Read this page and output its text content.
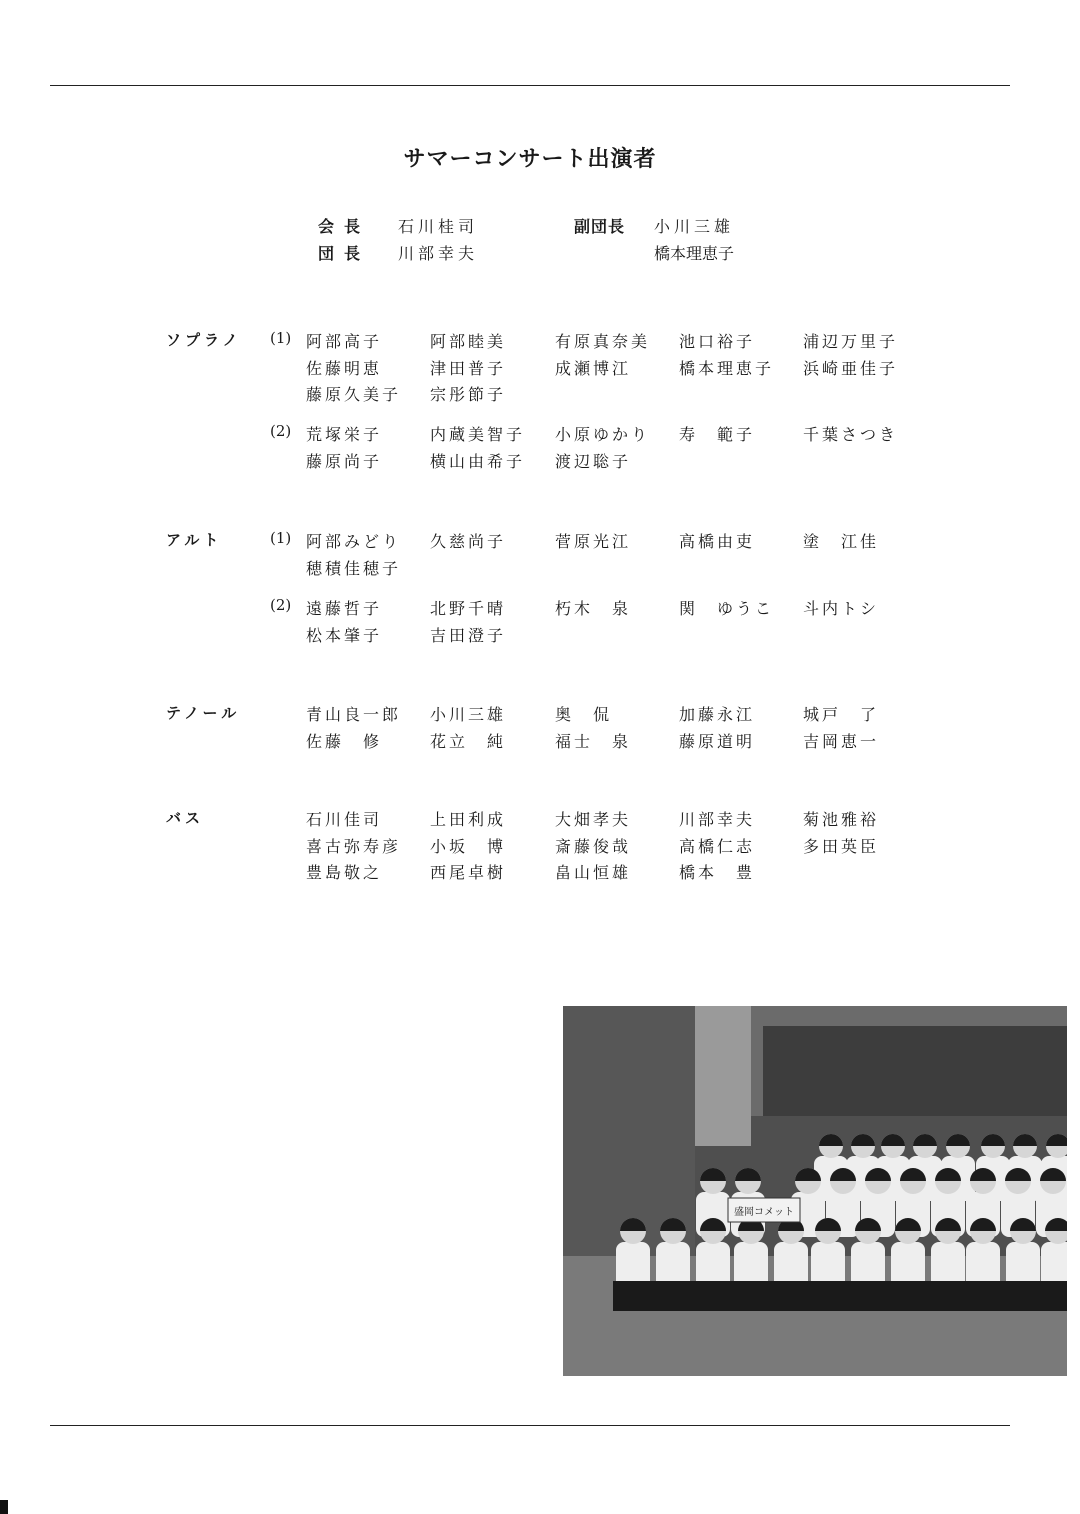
サマーコンサート出演者
会長 石川桂司
団長 川部幸夫
副団長 小川三雄
橋本理恵子
ソプラノ (1) 阿部高子	阿部睦美	有原真奈美	池口裕子	浦辺万里子
佐藤明恵	津田普子	成瀬博江	橋本理恵子	浜崎亜佳子
藤原久美子	宗彤節子
(2) 荒塚栄子	内蔵美智子	小原ゆかり	寿　範子	千葉さつき
藤原尚子	横山由希子	渡辺聡子
アルト	(1) 阿部みどり	久慈尚子	菅原光江	高橋由吏	塗　江佳
穂積佳穂子
(2) 遠藤哲子	北野千晴	朽木　泉	関　ゆうこ	斗内トシ
松本肇子	吉田澄子
テノール	青山良一郎	小川三雄	奥　侃	加藤永江	城戸　了
佐藤　修	花立　純	福士　泉	藤原道明	吉岡恵一
バス	石川佳司	上田利成	大畑孝夫	川部幸夫	菊池雅裕
喜古弥寿彦	小坂　博	斎藤俊哉	高橋仁志	多田英臣
豊島敬之	西尾卓樹	畠山恒雄	橋本　豊
盛岡コメット
